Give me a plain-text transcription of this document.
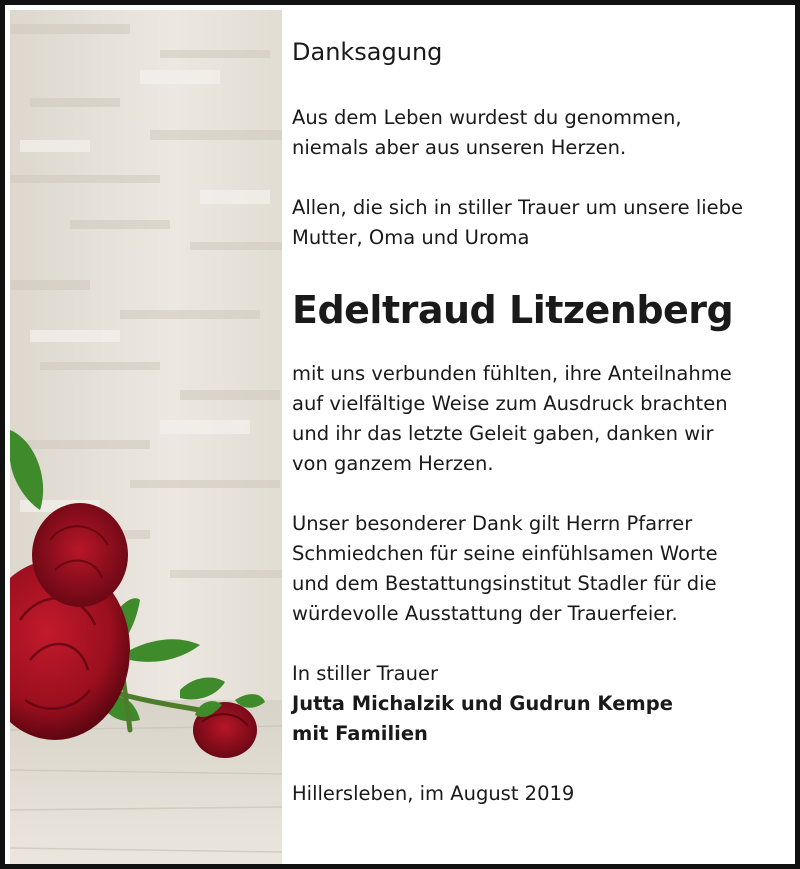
Danksagung

Aus dem Leben wurdest du genommen,
niemals aber aus unseren Herzen.

Allen, die sich in stiller Trauer um unsere liebe
Mutter, Oma und Uroma

Edeltraud Litzenberg

mit uns verbunden fühlten, ihre Anteilnahme
auf vielfältige Weise zum Ausdruck brachten
und ihr das letzte Geleit gaben, danken wir
von ganzem Herzen.

Unser besonderer Dank gilt Herrn Pfarrer
Schmiedchen für seine einfühlsamen Worte
und dem Bestattungsinstitut Stadler für die
würdevolle Ausstattung der Trauerfeier.

In stiller Trauer
Jutta Michalzik und Gudrun Kempe
mit Familien

Hillersleben, im August 2019
